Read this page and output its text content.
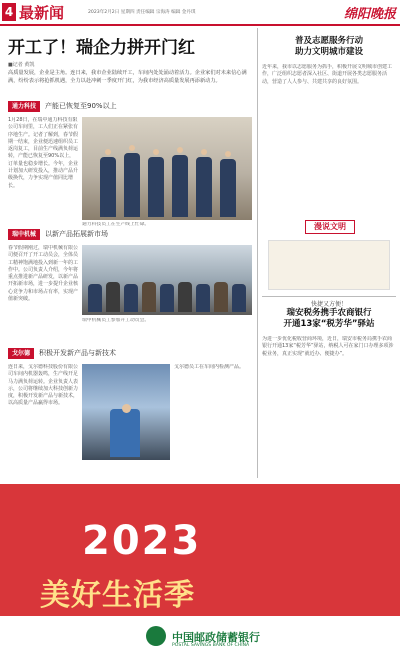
4 最新闻	2023年2月2日 星期四 责任编辑 宗海涛 编辑 金丹琪	绵阳晚报
开工了！瑞企力拼开门红
■记者 黄凯
高质量发展，企业是主角。连日来，我市企业陆续开工，车间内处处涌动着活力。企业家们对未来信心满满，纷纷表示将抢抓机遇，全力以赴冲刺一季度开门红，为我市经济高质量发展再添新动力。
通力科技	产能已恢复至90%以上
1月28日，在瑞中通力科技有限公司车间里，工人们正在紧张有序地生产。记者了解到，春节假期一结束，企业便迅速组织员工返岗复工，目前生产线满负荷运转，产能已恢复至90%以上，订单量也稳步增长。今年，企业计划加大研发投入，推动产品升级换代，力争实现产值同比增长。
通力科技员工在生产线上忙碌。
瑞中机械	以新产品拓展新市场
春节假期刚过，瑞中机械有限公司便召开了开工动员会，全体员工精神饱满地投入到新一年的工作中。公司负责人介绍，今年将重点推进新产品研发，以新产品开拓新市场，进一步提升企业核心竞争力和市场占有率，实现产值新突破。
瑞中机械员工参加开工动员会。
戈尔德	积极开发新产品与新技术
连日来，戈尔德科技股份有限公司车间内机器轰鸣，生产线开足马力满负荷运转。企业负责人表示，公司将继续加大科技创新力度，积极开发新产品与新技术，以高质量产品赢得市场。
戈尔德员工在车间内检测产品。
普及志愿服务行动
助力文明城市建设
近年来，我市以志愿服务为抓手，积极开展文明城市创建工作，广泛组织志愿者深入社区、街道开展各类志愿服务活动，营造了人人参与、共建共享的良好氛围。
漫说文明
快捷又方便！
瑞安税务携手农商银行
开通13家“税芳华”驿站
为进一步优化税收营商环境，近日，瑞安市税务局携手农商银行开通13家“税芳华”驿站，纳税人可在家门口办理多项涉税业务，真正实现“就近办、便捷办”。
2023
美好生活季
中国邮政储蓄银行
POSTAL SAVINGS BANK OF CHINA
